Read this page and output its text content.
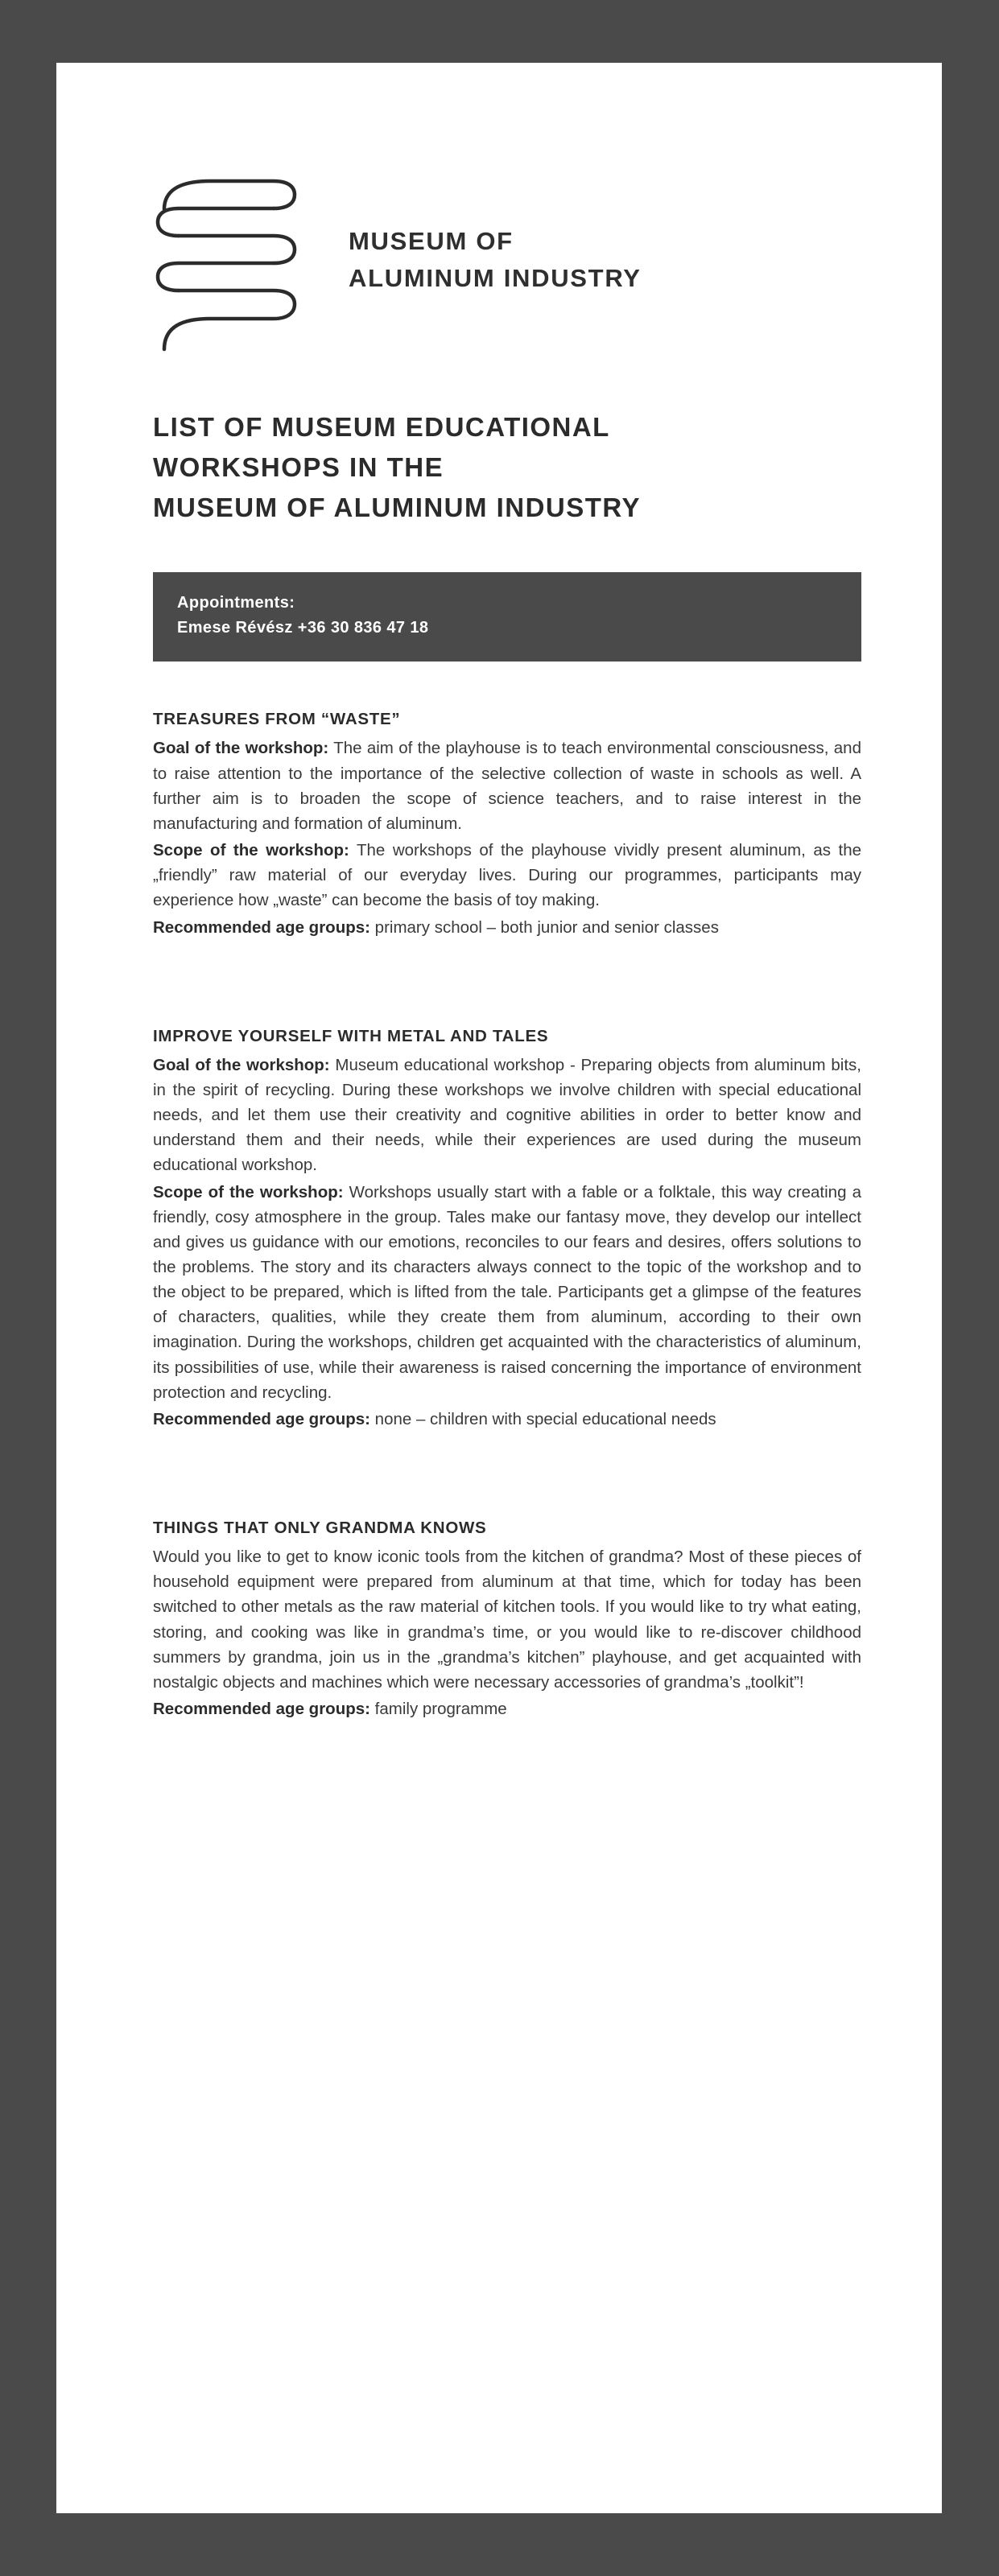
MUSEUM OF
ALUMINUM INDUSTRY
LIST OF MUSEUM EDUCATIONAL
WORKSHOPS IN THE
MUSEUM OF ALUMINUM INDUSTRY
Appointments:
Emese Révész +36 30 836 47 18
TREASURES FROM “WASTE”

Goal of the workshop: The aim of the playhouse is to teach environmental consciousness, and to raise attention to the importance of the selective collection of waste in schools as well. A further aim is to broaden the scope of science teachers, and to raise interest in the manufacturing and formation of aluminum.

Scope of the workshop: The workshops of the playhouse vividly present aluminum, as the „friendly” raw material of our everyday lives. During our programmes, participants may experience how „waste” can become the basis of toy making.

Recommended age groups: primary school – both junior and senior classes

IMPROVE YOURSELF WITH METAL AND TALES

Goal of the workshop: Museum educational workshop - Preparing objects from aluminum bits, in the spirit of recycling. During these workshops we involve children with special educational needs, and let them use their creativity and cognitive abilities in order to better know and understand them and their needs, while their experiences are used during the museum educational workshop.

Scope of the workshop: Workshops usually start with a fable or a folktale, this way creating a friendly, cosy atmosphere in the group. Tales make our fantasy move, they develop our intellect and gives us guidance with our emotions, reconciles to our fears and desires, offers solutions to the problems. The story and its characters always connect to the topic of the workshop and to the object to be prepared, which is lifted from the tale. Participants get a glimpse of the features of characters, qualities, while they create them from aluminum, according to their own imagination. During the workshops, children get acquainted with the characteristics of aluminum, its possibilities of use, while their awareness is raised concerning the importance of environment protection and recycling.

Recommended age groups: none – children with special educational needs

THINGS THAT ONLY GRANDMA KNOWS

Would you like to get to know iconic tools from the kitchen of grandma? Most of these pieces of household equipment were prepared from aluminum at that time, which for today has been switched to other metals as the raw material of kitchen tools. If you would like to try what eating, storing, and cooking was like in grandma’s time, or you would like to re-discover childhood summers by grandma, join us in the „grandma’s kitchen” playhouse, and get acquainted with nostalgic objects and machines which were necessary accessories of grandma’s „toolkit”!

Recommended age groups: family programme
